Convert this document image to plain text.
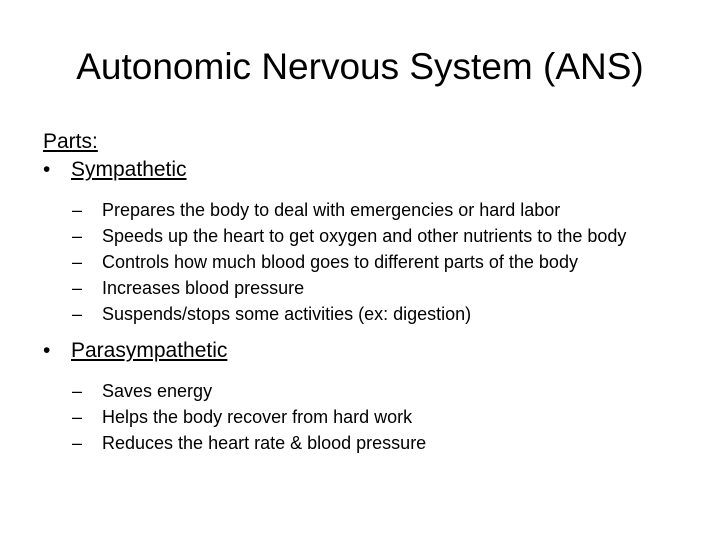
Autonomic Nervous System (ANS)
Parts:
• Sympathetic
– Prepares the body to deal with emergencies or hard labor
– Speeds up the heart to get oxygen and other nutrients to the body
– Controls how much blood goes to different parts of the body
– Increases blood pressure
– Suspends/stops some activities (ex: digestion)
• Parasympathetic
– Saves energy
– Helps the body recover from hard work
– Reduces the heart rate & blood pressure
